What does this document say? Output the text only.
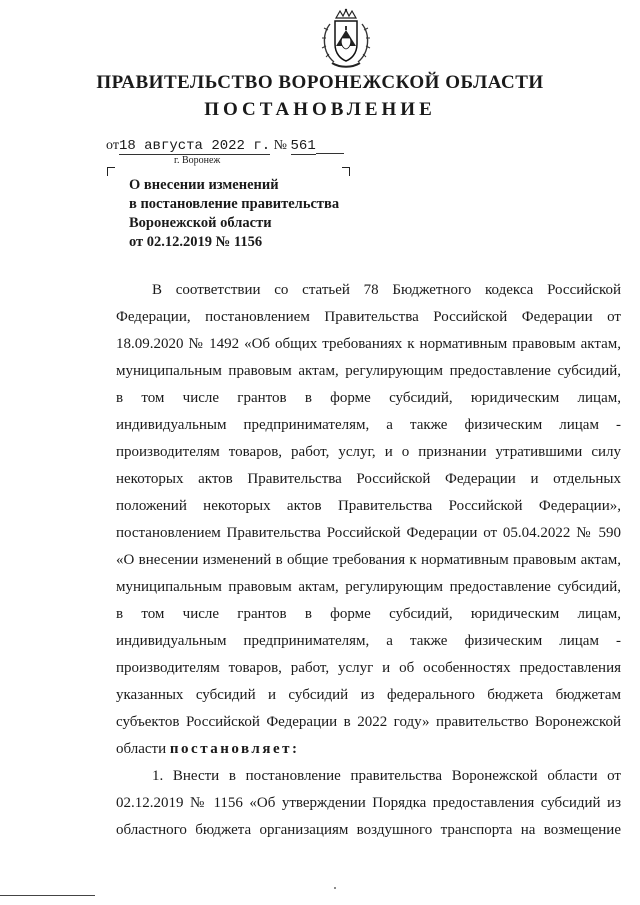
ПРАВИТЕЛЬСТВО ВОРОНЕЖСКОЙ ОБЛАСТИ
ПОСТАНОВЛЕНИЕ
от18 августа 2022 г. № 561
г. Воронеж
О внесении изменений
в постановление правительства
Воронежской области
от 02.12.2019 № 1156
В соответствии со статьей 78 Бюджетного кодекса Российской
Федерации, постановлением Правительства Российской Федерации от
18.09.2020 № 1492 «Об общих требованиях к нормативным правовым актам,
муниципальным правовым актам, регулирующим предоставление субсидий,
в том числе грантов в форме субсидий, юридическим лицам,
индивидуальным предпринимателям, а также физическим лицам -
производителям товаров, работ, услуг, и о признании утратившими силу
некоторых актов Правительства Российской Федерации и отдельных
положений некоторых актов Правительства Российской Федерации»,
постановлением Правительства Российской Федерации от 05.04.2022 № 590
«О внесении изменений в общие требования к нормативным правовым актам,
муниципальным правовым актам, регулирующим предоставление субсидий,
в том числе грантов в форме субсидий, юридическим лицам,
индивидуальным предпринимателям, а также физическим лицам -
производителям товаров, работ, услуг и об особенностях предоставления
указанных субсидий и субсидий из федерального бюджета бюджетам
субъектов Российской Федерации в 2022 году» правительство Воронежской
области постановляет:
1. Внести в постановление правительства Воронежской области от
02.12.2019 № 1156 «Об утверждении Порядка предоставления субсидий из
областного бюджета организациям воздушного транспорта на возмещение
